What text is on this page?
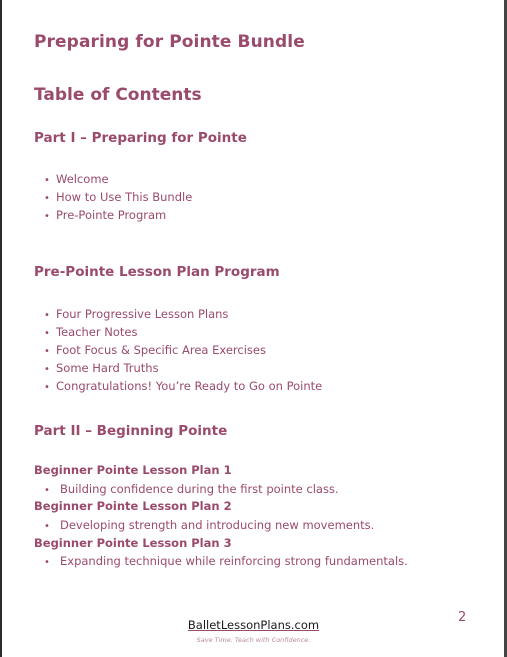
Preparing for Pointe Bundle
Table of Contents
Part I – Preparing for Pointe
• Welcome
• How to Use This Bundle
• Pre-Pointe Program
Pre-Pointe Lesson Plan Program
• Four Progressive Lesson Plans
• Teacher Notes
• Foot Focus & Specific Area Exercises
• Some Hard Truths
• Congratulations! You’re Ready to Go on Pointe
Part II – Beginning Pointe
Beginner Pointe Lesson Plan 1
• Building confidence during the first pointe class.
Beginner Pointe Lesson Plan 2
• Developing strength and introducing new movements.
Beginner Pointe Lesson Plan 3
• Expanding technique while reinforcing strong fundamentals.
BalletLessonPlans.com
Save Time. Teach with Confidence.
2
